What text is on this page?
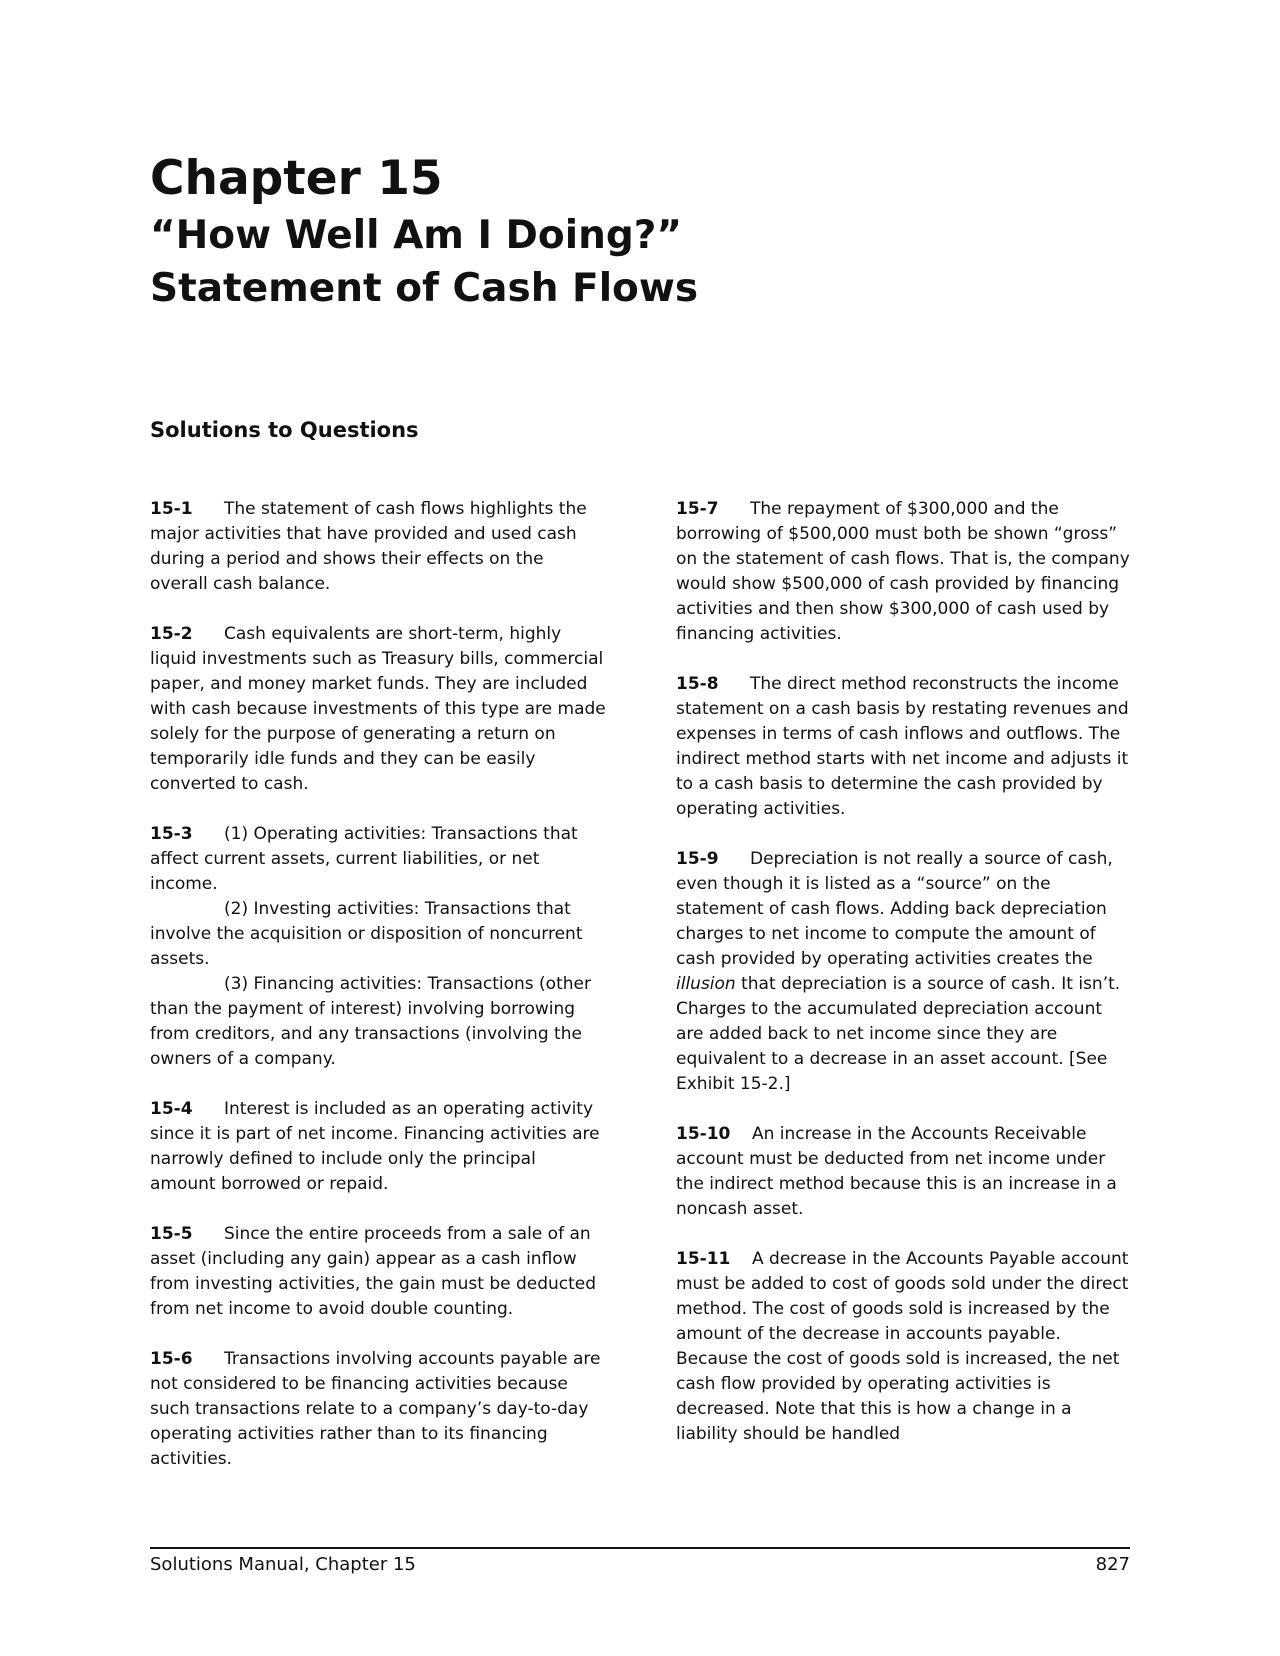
Chapter 15
“How Well Am I Doing?”
Statement of Cash Flows
Solutions to Questions

15-1 The statement of cash flows highlights the major activities that have provided and used cash during a period and shows their effects on the overall cash balance.

15-2 Cash equivalents are short-term, highly liquid investments such as Treasury bills, commercial paper, and money market funds. They are included with cash because investments of this type are made solely for the purpose of generating a return on temporarily idle funds and they can be easily converted to cash.

15-3 (1) Operating activities: Transactions that affect current assets, current liabilities, or net income.

(2) Investing activities: Transactions that involve the acquisition or disposition of noncurrent assets.

(3) Financing activities: Transactions (other than the payment of interest) involving borrowing from creditors, and any transactions (involving the owners of a company.

15-4 Interest is included as an operating activity since it is part of net income. Financing activities are narrowly defined to include only the principal amount borrowed or repaid.

15-5 Since the entire proceeds from a sale of an asset (including any gain) appear as a cash inflow from investing activities, the gain must be deducted from net income to avoid double counting.

15-6 Transactions involving accounts payable are not considered to be financing activities because such transactions relate to a company’s day-to-day operating activities rather than to its financing activities.

15-7 The repayment of $300,000 and the borrowing of $500,000 must both be shown “gross” on the statement of cash flows. That is, the company would show $500,000 of cash provided by financing activities and then show $300,000 of cash used by financing activities.

15-8 The direct method reconstructs the income statement on a cash basis by restating revenues and expenses in terms of cash inflows and outflows. The indirect method starts with net income and adjusts it to a cash basis to determine the cash provided by operating activities.

15-9 Depreciation is not really a source of cash, even though it is listed as a “source” on the statement of cash flows. Adding back depreciation charges to net income to compute the amount of cash provided by operating activities creates the illusion that depreciation is a source of cash. It isn’t. Charges to the accumulated depreciation account are added back to net income since they are equivalent to a decrease in an asset account. [See Exhibit 15-2.]

15-10 An increase in the Accounts Receivable account must be deducted from net income under the indirect method because this is an increase in a noncash asset.

15-11 A decrease in the Accounts Payable account must be added to cost of goods sold under the direct method. The cost of goods sold is increased by the amount of the decrease in accounts payable. Because the cost of goods sold is increased, the net cash flow provided by operating activities is decreased. Note that this is how a change in a liability should be handled

Solutions Manual, Chapter 15	827
